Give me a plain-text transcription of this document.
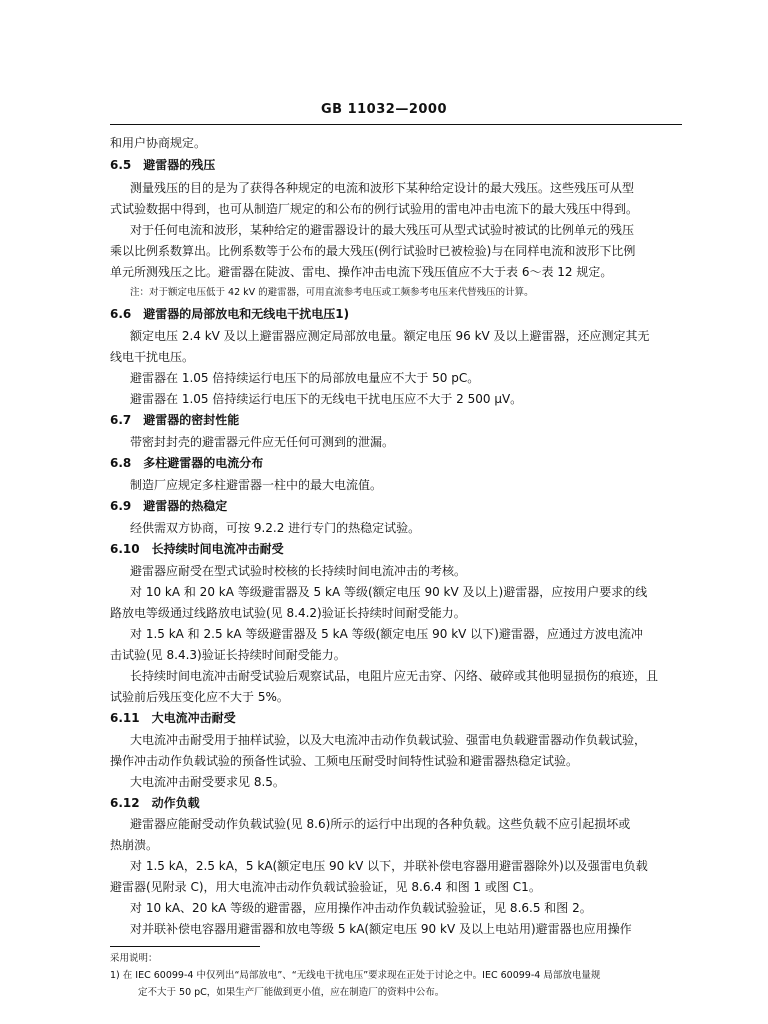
GB 11032—2000
和用户协商规定。
6.5　避雷器的残压
测量残压的目的是为了获得各种规定的电流和波形下某种给定设计的最大残压。这些残压可从型
式试验数据中得到，也可从制造厂规定的和公布的例行试验用的雷电冲击电流下的最大残压中得到。
对于任何电流和波形，某种给定的避雷器设计的最大残压可从型式试验时被试的比例单元的残压
乘以比例系数算出。比例系数等于公布的最大残压(例行试验时已被检验)与在同样电流和波形下比例
单元所测残压之比。避雷器在陡波、雷电、操作冲击电流下残压值应不大于表 6～表 12 规定。
注：对于额定电压低于 42 kV 的避雷器，可用直流参考电压或工频参考电压来代替残压的计算。
6.6　避雷器的局部放电和无线电干扰电压1)
额定电压 2.4 kV 及以上避雷器应测定局部放电量。额定电压 96 kV 及以上避雷器，还应测定其无
线电干扰电压。
避雷器在 1.05 倍持续运行电压下的局部放电量应不大于 50 pC。
避雷器在 1.05 倍持续运行电压下的无线电干扰电压应不大于 2 500 μV。
6.7　避雷器的密封性能
带密封封壳的避雷器元件应无任何可测到的泄漏。
6.8　多柱避雷器的电流分布
制造厂应规定多柱避雷器一柱中的最大电流值。
6.9　避雷器的热稳定
经供需双方协商，可按 9.2.2 进行专门的热稳定试验。
6.10　长持续时间电流冲击耐受
避雷器应耐受在型式试验时校核的长持续时间电流冲击的考核。
对 10 kA 和 20 kA 等级避雷器及 5 kA 等级(额定电压 90 kV 及以上)避雷器，应按用户要求的线
路放电等级通过线路放电试验(见 8.4.2)验证长持续时间耐受能力。
对 1.5 kA 和 2.5 kA 等级避雷器及 5 kA 等级(额定电压 90 kV 以下)避雷器，应通过方波电流冲
击试验(见 8.4.3)验证长持续时间耐受能力。
长持续时间电流冲击耐受试验后观察试品，电阻片应无击穿、闪络、破碎或其他明显损伤的痕迹，且
试验前后残压变化应不大于 5%。
6.11　大电流冲击耐受
大电流冲击耐受用于抽样试验，以及大电流冲击动作负载试验、强雷电负载避雷器动作负载试验，
操作冲击动作负载试验的预备性试验、工频电压耐受时间特性试验和避雷器热稳定试验。
大电流冲击耐受要求见 8.5。
6.12　动作负载
避雷器应能耐受动作负载试验(见 8.6)所示的运行中出现的各种负载。这些负载不应引起损坏或
热崩溃。
对 1.5 kA，2.5 kA，5 kA(额定电压 90 kV 以下，并联补偿电容器用避雷器除外)以及强雷电负载
避雷器(见附录 C)，用大电流冲击动作负载试验验证，见 8.6.4 和图 1 或图 C1。
对 10 kA、20 kA 等级的避雷器，应用操作冲击动作负载试验验证，见 8.6.5 和图 2。
对并联补偿电容器用避雷器和放电等级 5 kA(额定电压 90 kV 及以上电站用)避雷器也应用操作
采用说明：
1) 在 IEC 60099-4 中仅列出“局部放电”、“无线电干扰电压”要求现在正处于讨论之中。IEC 60099-4 局部放电量规
定不大于 50 pC，如果生产厂能做到更小值，应在制造厂的资料中公布。
